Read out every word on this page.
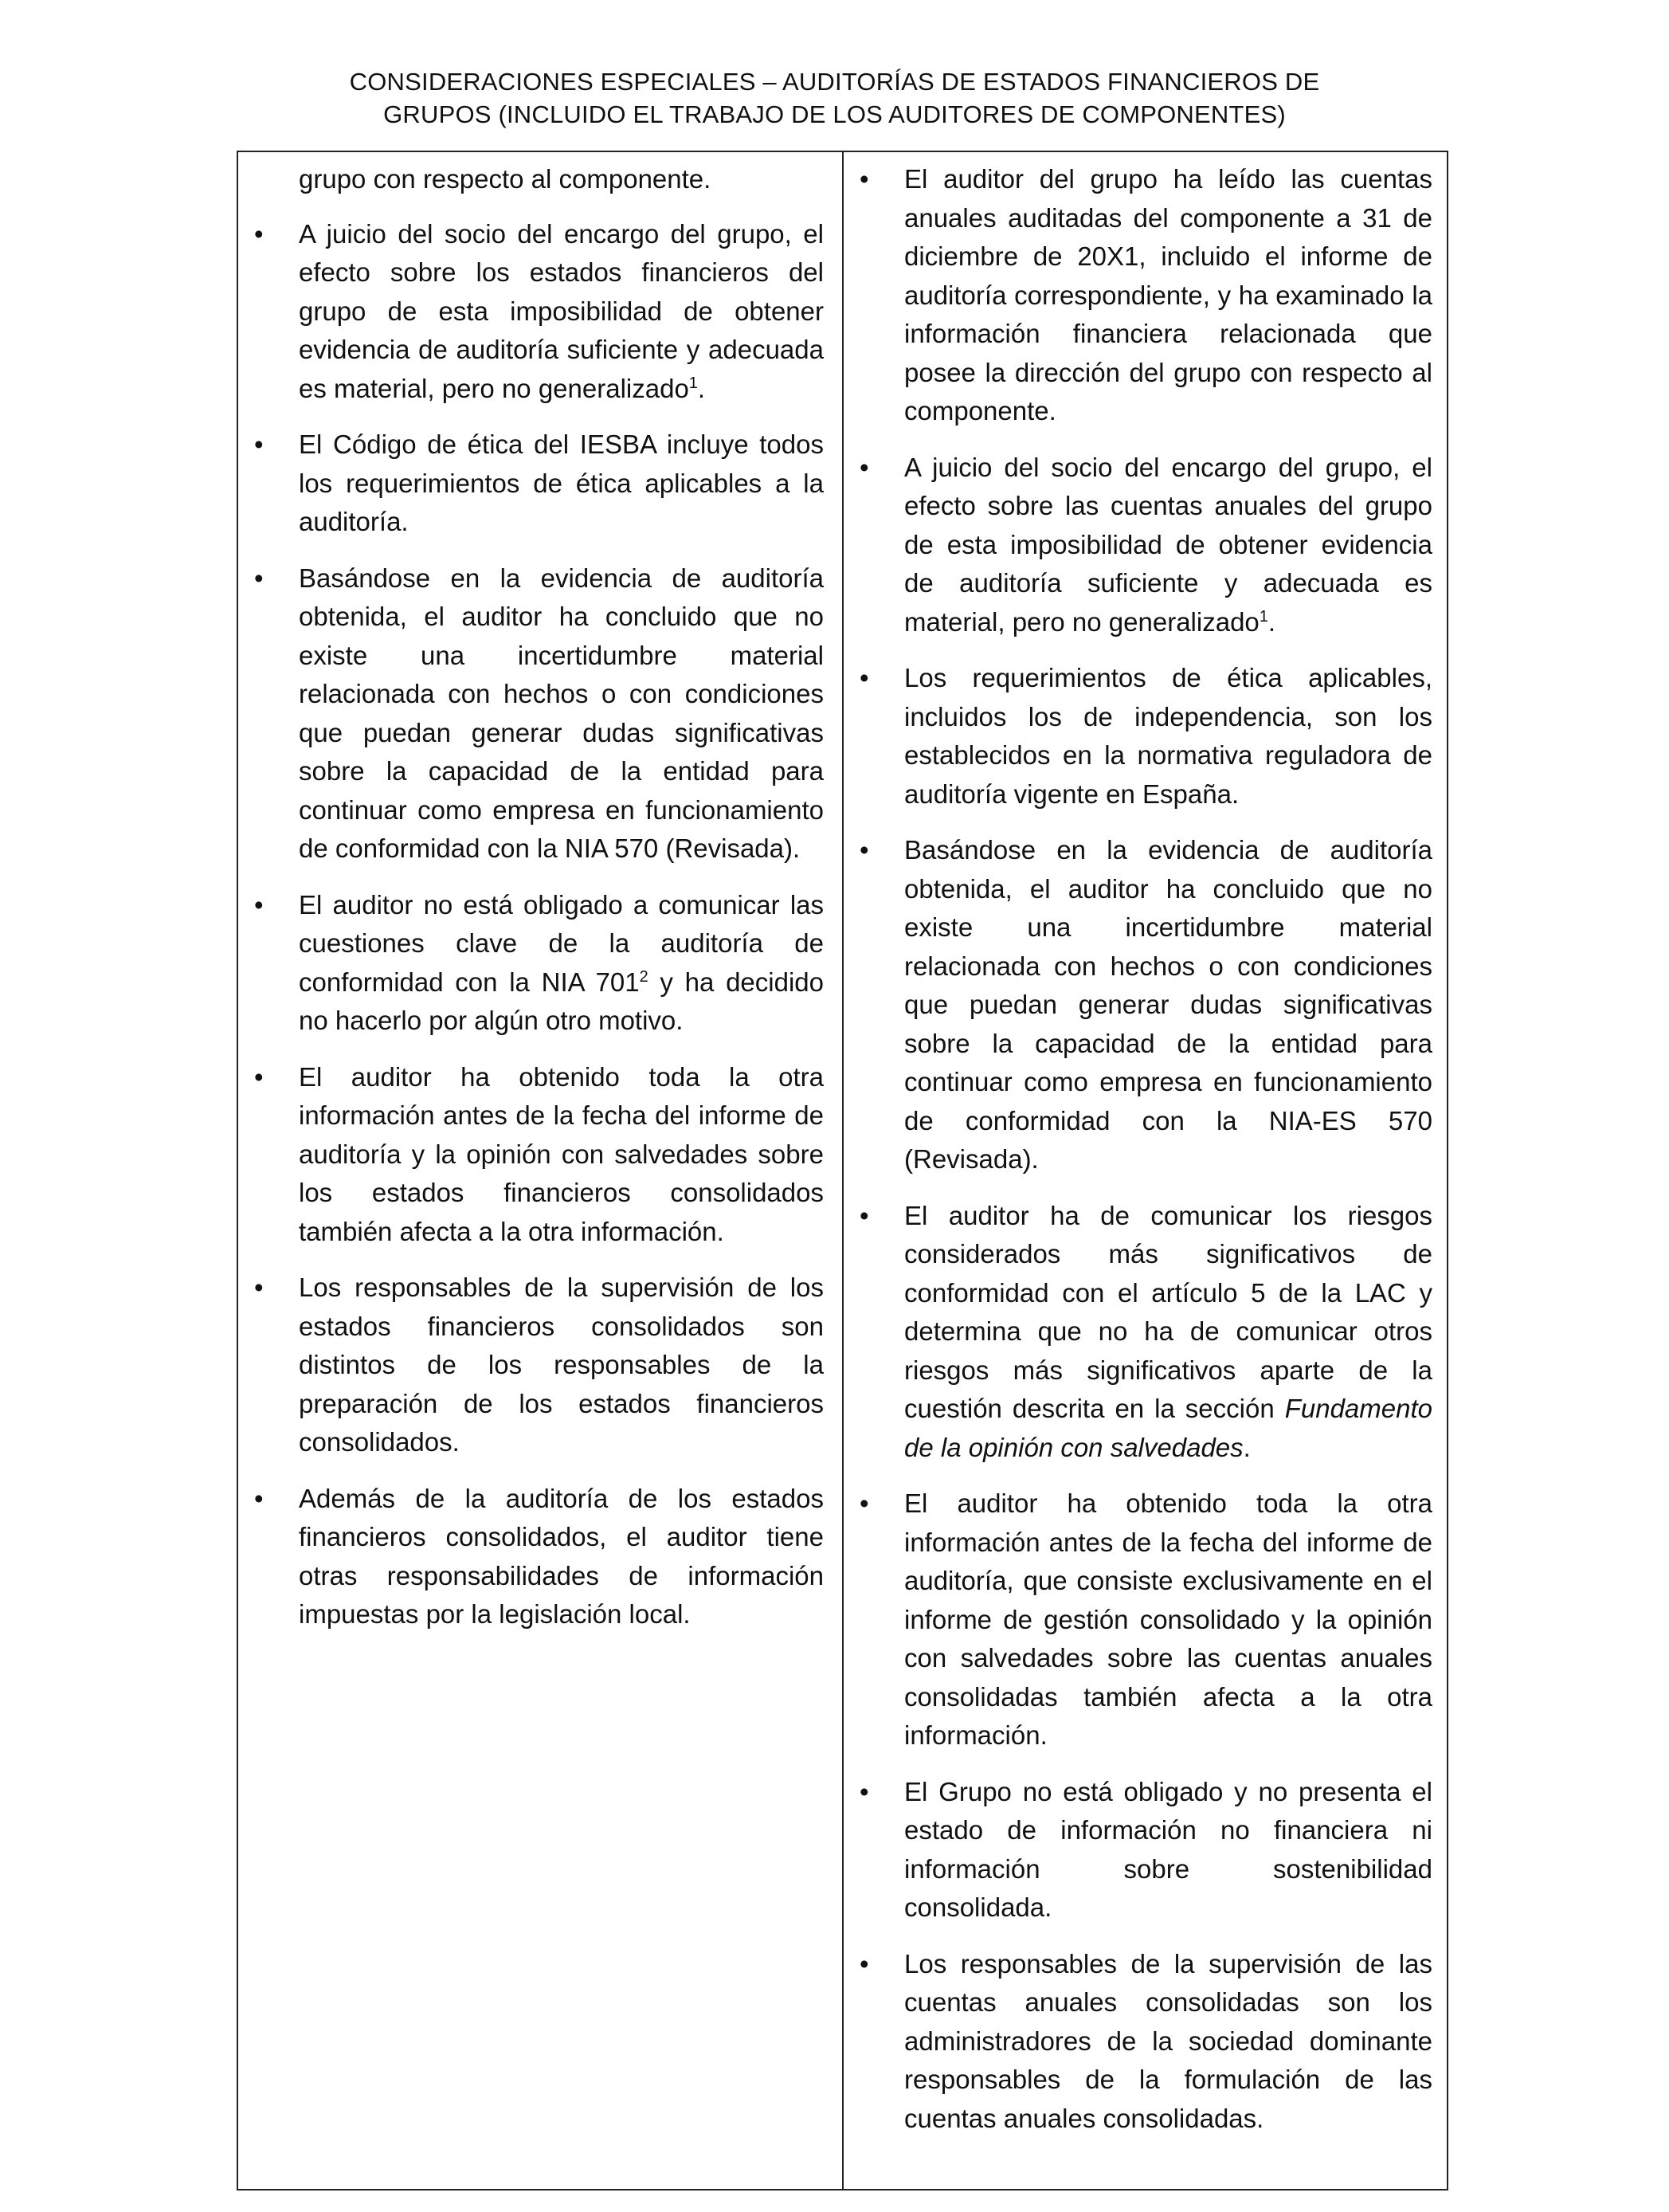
CONSIDERACIONES ESPECIALES – AUDITORÍAS DE ESTADOS FINANCIEROS DE
GRUPOS (INCLUIDO EL TRABAJO DE LOS AUDITORES DE COMPONENTES)

grupo con respecto al componente.

• A juicio del socio del encargo del grupo, el efecto sobre los estados financieros del grupo de esta imposibilidad de obtener evidencia de auditoría suficiente y adecuada es material, pero no generalizado$^1$.
• El Código de ética del IESBA incluye todos los requerimientos de ética aplicables a la auditoría.
• Basándose en la evidencia de auditoría obtenida, el auditor ha concluido que no existe una incertidumbre material relacionada con hechos o con condiciones que puedan generar dudas significativas sobre la capacidad de la entidad para continuar como empresa en funcionamiento de conformidad con la NIA 570 (Revisada).
• El auditor no está obligado a comunicar las cuestiones clave de la auditoría de conformidad con la NIA $701^2$ y ha decidido no hacerlo por algún otro motivo.
• El auditor ha obtenido toda la otra información antes de la fecha del informe de auditoría y la opinión con salvedades sobre los estados financieros consolidados también afecta a la otra información.
• Los responsables de la supervisión de los estados financieros consolidados son distintos de los responsables de la preparación de los estados financieros consolidados.
• Además de la auditoría de los estados financieros consolidados, el auditor tiene otras responsabilidades de información impuestas por la legislación local.
• El auditor del grupo ha leído las cuentas anuales auditadas del componente a 31 de diciembre de 20X1, incluido el informe de auditoría correspondiente, y ha examinado la información financiera relacionada que posee la dirección del grupo con respecto al componente.
• A juicio del socio del encargo del grupo, el efecto sobre las cuentas anuales del grupo de esta imposibilidad de obtener evidencia de auditoría suficiente y adecuada es material, pero no generalizado$^1$.
• Los requerimientos de ética aplicables, incluidos los de independencia, son los establecidos en la normativa reguladora de auditoría vigente en España.
• Basándose en la evidencia de auditoría obtenida, el auditor ha concluido que no existe una incertidumbre material relacionada con hechos o con condiciones que puedan generar dudas significativas sobre la capacidad de la entidad para continuar como empresa en funcionamiento de conformidad con la NIA-ES 570 (Revisada).
• El auditor ha de comunicar los riesgos considerados más significativos de conformidad con el artículo 5 de la LAC y determina que no ha de comunicar otros riesgos más significativos aparte de la cuestión descrita en la sección Fundamento de la opinión con salvedades.
• El auditor ha obtenido toda la otra información antes de la fecha del informe de auditoría, que consiste exclusivamente en el informe de gestión consolidado y la opinión con salvedades sobre las cuentas anuales consolidadas también afecta a la otra información.
• El Grupo no está obligado y no presenta el estado de información no financiera ni información sobre sostenibilidad consolidada.
• Los responsables de la supervisión de las cuentas anuales consolidadas son los administradores de la sociedad dominante responsables de la formulación de las cuentas anuales consolidadas.
